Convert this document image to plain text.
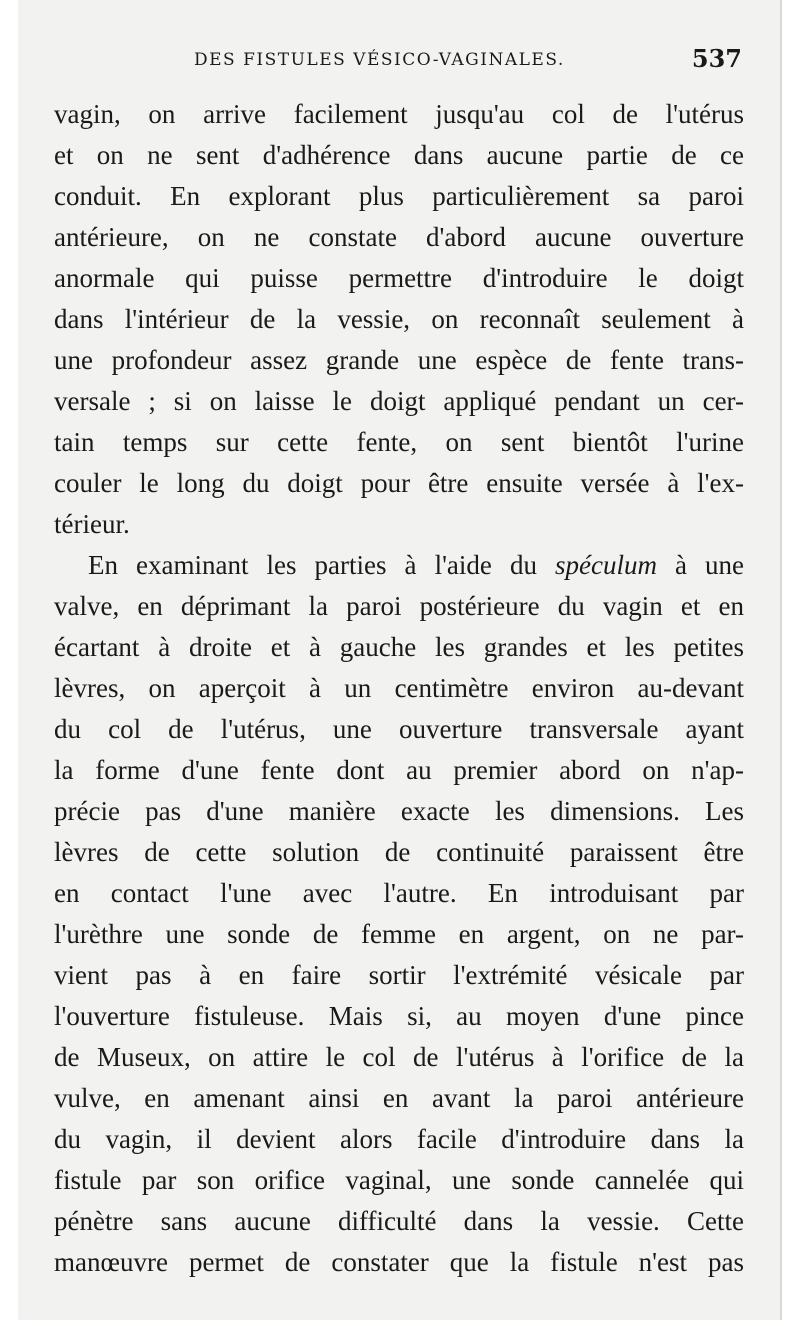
DES FISTULES VÉSICO-VAGINALES.	537
vagin, on arrive facilement jusqu'au col de l'utérus
et on ne sent d'adhérence dans aucune partie de ce
conduit. En explorant plus particulièrement sa paroi
antérieure, on ne constate d'abord aucune ouverture
anormale qui puisse permettre d'introduire le doigt
dans l'intérieur de la vessie, on reconnaît seulement à
une profondeur assez grande une espèce de fente trans-
versale ; si on laisse le doigt appliqué pendant un cer-
tain temps sur cette fente, on sent bientôt l'urine
couler le long du doigt pour être ensuite versée à l'ex-
térieur.
En examinant les parties à l'aide du spéculum à une
valve, en déprimant la paroi postérieure du vagin et en
écartant à droite et à gauche les grandes et les petites
lèvres, on aperçoit à un centimètre environ au-devant
du col de l'utérus, une ouverture transversale ayant
la forme d'une fente dont au premier abord on n'ap-
précie pas d'une manière exacte les dimensions. Les
lèvres de cette solution de continuité paraissent être
en contact l'une avec l'autre. En introduisant par
l'urèthre une sonde de femme en argent, on ne par-
vient pas à en faire sortir l'extrémité vésicale par
l'ouverture fistuleuse. Mais si, au moyen d'une pince
de Museux, on attire le col de l'utérus à l'orifice de la
vulve, en amenant ainsi en avant la paroi antérieure
du vagin, il devient alors facile d'introduire dans la
fistule par son orifice vaginal, une sonde cannelée qui
pénètre sans aucune difficulté dans la vessie. Cette
manœuvre permet de constater que la fistule n'est pas
